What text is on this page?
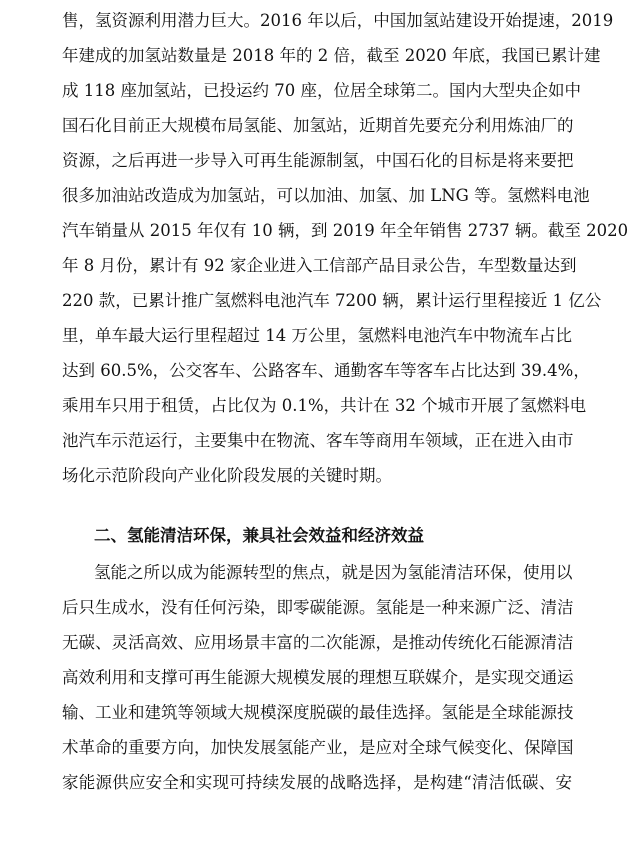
售，氢资源利用潜力巨大。2016 年以后，中国加氢站建设开始提速，2019
年建成的加氢站数量是 2018 年的 2 倍，截至 2020 年底，我国已累计建
成 118 座加氢站，已投运约 70 座，位居全球第二。国内大型央企如中
国石化目前正大规模布局氢能、加氢站，近期首先要充分利用炼油厂的
资源，之后再进一步导入可再生能源制氢，中国石化的目标是将来要把
很多加油站改造成为加氢站，可以加油、加氢、加 LNG 等。氢燃料电池
汽车销量从 2015 年仅有 10 辆，到 2019 年全年销售 2737 辆。截至 2020
年 8 月份，累计有 92 家企业进入工信部产品目录公告，车型数量达到
220 款，已累计推广氢燃料电池汽车 7200 辆，累计运行里程接近 1 亿公
里，单车最大运行里程超过 14 万公里，氢燃料电池汽车中物流车占比
达到 60.5%，公交客车、公路客车、通勤客车等客车占比达到 39.4%，
乘用车只用于租赁，占比仅为 0.1%，共计在 32 个城市开展了氢燃料电
池汽车示范运行，主要集中在物流、客车等商用车领域，正在进入由市
场化示范阶段向产业化阶段发展的关键时期。
二、氢能清洁环保，兼具社会效益和经济效益
氢能之所以成为能源转型的焦点，就是因为氢能清洁环保，使用以
后只生成水，没有任何污染，即零碳能源。氢能是一种来源广泛、清洁
无碳、灵活高效、应用场景丰富的二次能源，是推动传统化石能源清洁
高效利用和支撑可再生能源大规模发展的理想互联媒介，是实现交通运
输、工业和建筑等领域大规模深度脱碳的最佳选择。氢能是全球能源技
术革命的重要方向，加快发展氢能产业，是应对全球气候变化、保障国
家能源供应安全和实现可持续发展的战略选择，是构建“清洁低碳、安
